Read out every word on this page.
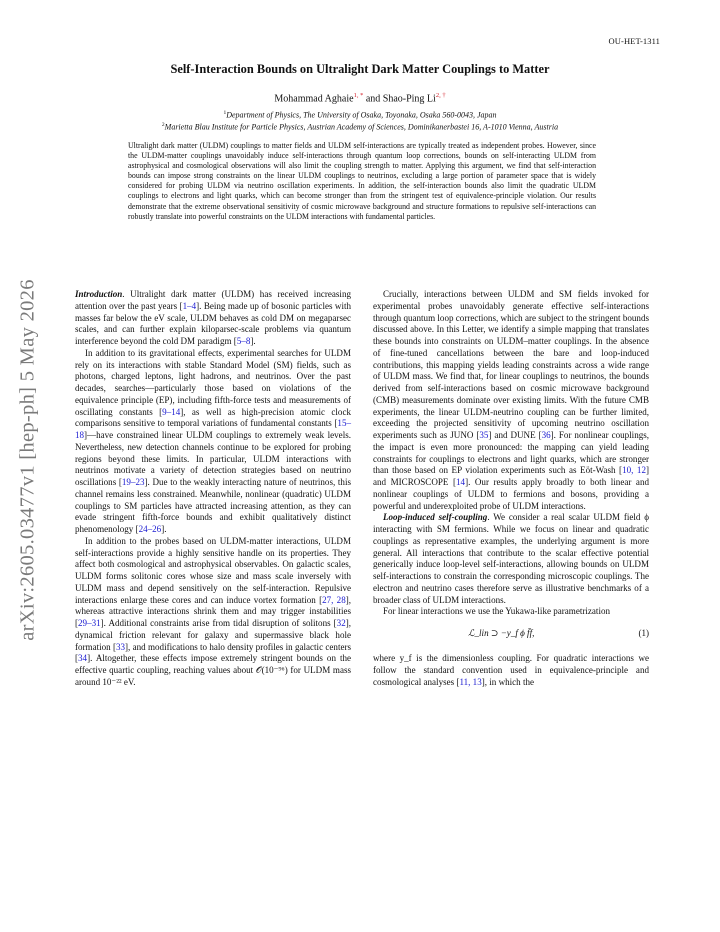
OU-HET-1311
arXiv:2605.03477v1 [hep-ph] 5 May 2026
Self-Interaction Bounds on Ultralight Dark Matter Couplings to Matter
Mohammad Aghaie$^{1, *}$ and Shao-Ping $Li^{2, \dagger}$
$^1$Department of Physics, The University of Osaka, Toyonaka, Osaka 560-0043, Japan
$^2$Marietta Blau Institute for Particle Physics, Austrian Academy of Sciences, Dominikanerbastei 16, A-1010 Vienna, Austria
Ultralight dark matter (ULDM) couplings to matter fields and ULDM self-interactions are typically treated as independent probes. However, since the ULDM-matter couplings unavoidably induce self-interactions through quantum loop corrections, bounds on self-interacting ULDM from astrophysical and cosmological observations will also limit the coupling strength to matter. Applying this argument, we find that self-interaction bounds can impose strong constraints on the linear ULDM couplings to neutrinos, excluding a large portion of parameter space that is widely considered for probing ULDM via neutrino oscillation experiments. In addition, the self-interaction bounds also limit the quadratic ULDM couplings to electrons and light quarks, which can become stronger than from the stringent test of equivalence-principle violation. Our results demonstrate that the extreme observational sensitivity of cosmic microwave background and structure formations to repulsive self-interactions can robustly translate into powerful constraints on the ULDM interactions with fundamental particles.

Introduction. Ultralight dark matter (ULDM) has received increasing attention over the past years [1–4]. Being made up of bosonic particles with masses far below the eV scale, ULDM behaves as cold DM on megaparsec scales, and can further explain kiloparsec-scale problems via quantum interference beyond the cold DM paradigm [5–8].

In addition to its gravitational effects, experimental searches for ULDM rely on its interactions with stable Standard Model (SM) fields, such as photons, charged leptons, light hadrons, and neutrinos. Over the past decades, searches—particularly those based on violations of the equivalence principle (EP), including fifth-force tests and measurements of oscillating constants [9–14], as well as high-precision atomic clock comparisons sensitive to temporal variations of fundamental constants [15–18]—have constrained linear ULDM couplings to extremely weak levels. Nevertheless, new detection channels continue to be explored for probing regions beyond these limits. In particular, ULDM interactions with neutrinos motivate a variety of detection strategies based on neutrino oscillations [19–23]. Due to the weakly interacting nature of neutrinos, this channel remains less constrained. Meanwhile, nonlinear (quadratic) ULDM couplings to SM particles have attracted increasing attention, as they can evade stringent fifth-force bounds and exhibit qualitatively distinct phenomenology [24–26].

In addition to the probes based on ULDM-matter interactions, ULDM self-interactions provide a highly sensitive handle on its properties. They affect both cosmological and astrophysical observables. On galactic scales, ULDM forms solitonic cores whose size and mass scale inversely with ULDM mass and depend sensitively on the self-interaction. Repulsive interactions enlarge these cores and can induce vortex formation [27, 28], whereas attractive interactions shrink them and may trigger instabilities [29–31]. Additional constraints arise from tidal disruption of solitons [32], dynamical friction relevant for galaxy and supermassive black hole formation [33], and modifications to halo density profiles in galactic centers [34]. Altogether, these effects impose extremely stringent bounds on the effective quartic coupling, reaching values about 𝒪(10⁻⁹⁶) for ULDM mass around 10⁻²² eV.

Crucially, interactions between ULDM and SM fields invoked for experimental probes unavoidably generate effective self-interactions through quantum loop corrections, which are subject to the stringent bounds discussed above. In this Letter, we identify a simple mapping that translates these bounds into constraints on ULDM–matter couplings. In the absence of fine-tuned cancellations between the bare and loop-induced contributions, this mapping yields leading constraints across a wide range of ULDM mass. We find that, for linear couplings to neutrinos, the bounds derived from self-interactions based on cosmic microwave background (CMB) measurements dominate over existing limits. With the future CMB experiments, the linear ULDM-neutrino coupling can be further limited, exceeding the projected sensitivity of upcoming neutrino oscillation experiments such as JUNO [35] and DUNE [36]. For nonlinear couplings, the impact is even more pronounced: the mapping can yield leading constraints for couplings to electrons and light quarks, which are stronger than those based on EP violation experiments such as Eöt-Wash [10, 12] and MICROSCOPE [14]. Our results apply broadly to both linear and nonlinear couplings of ULDM to fermions and bosons, providing a powerful and underexploited probe of ULDM interactions.

Loop-induced self-coupling. We consider a real scalar ULDM field ϕ interacting with SM fermions. While we focus on linear and quadratic couplings as representative examples, the underlying argument is more general. All interactions that contribute to the scalar effective potential generically induce loop-level self-interactions, allowing bounds on ULDM self-interactions to constrain the corresponding microscopic couplings. The electron and neutrino cases therefore serve as illustrative benchmarks of a broader class of ULDM interactions.

For linear interactions we use the Yukawa-like parametrization

ℒ_lin ⊃ −y_f ϕ f̄f,	(1)

where y_f is the dimensionless coupling. For quadratic interactions we follow the standard convention used in equivalence-principle and cosmological analyses [11, 13], in which the
